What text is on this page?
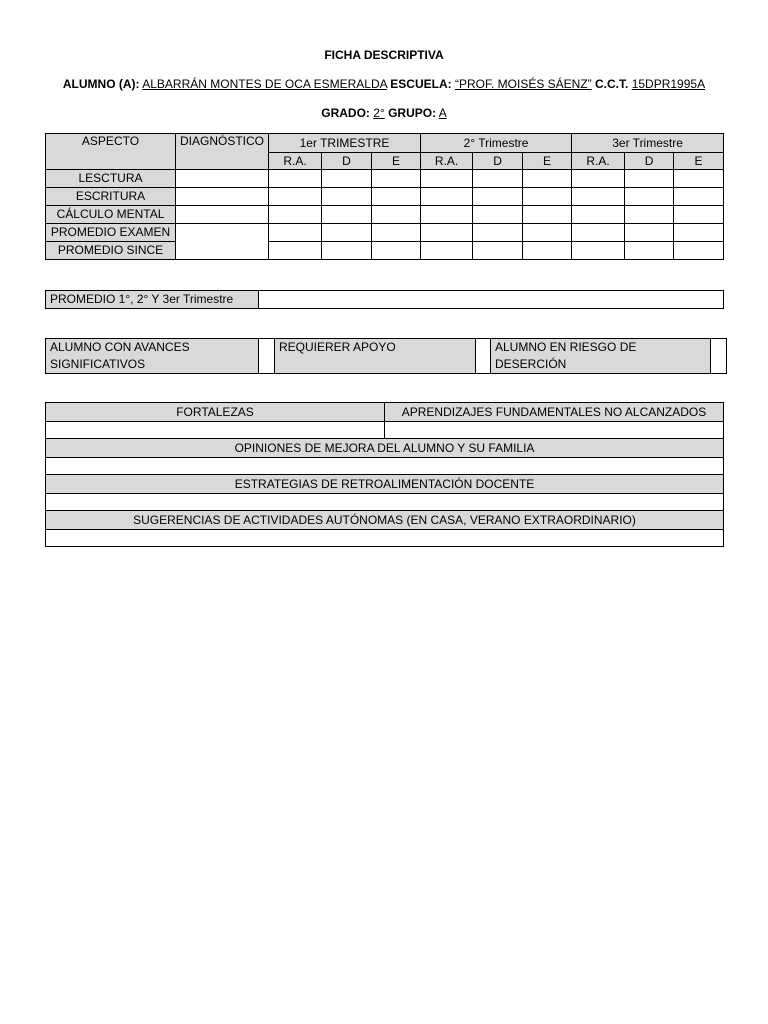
FICHA DESCRIPTIVA
ALUMNO (A): ALBARRÁN MONTES DE OCA ESMERALDA ESCUELA: “PROF. MOISÉS SÁENZ” C.C.T. 15DPR1995A
GRADO: 2° GRUPO: A
ASPECTO	DIAGNÓSTICO	1er TRIMESTRE			2° Trimestre			3er Trimestre		
		R.A.	D	E	R.A.	D	E	R.A.	D	E
LESCTURA										
ESCRITURA										
CÁLCULO MENTAL										
PROMEDIO EXAMEN										
PROMEDIO SINCE										
PROMEDIO 1°, 2° Y 3er Trimestre	
ALUMNO CON AVANCES SIGNIFICATIVOS		REQUIERER APOYO		ALUMNO EN RIESGO DE DESERCIÓN	
FORTALEZAS	APRENDIZAJES FUNDAMENTALES NO ALCANZADOS

OPINIONES DE MEJORA DEL ALUMNO Y SU FAMILIA	

ESTRATEGIAS DE RETROALIMENTACIÓN DOCENTE	

SUGERENCIAS DE ACTIVIDADES AUTÓNOMAS (EN CASA, VERANO EXTRAORDINARIO)	
